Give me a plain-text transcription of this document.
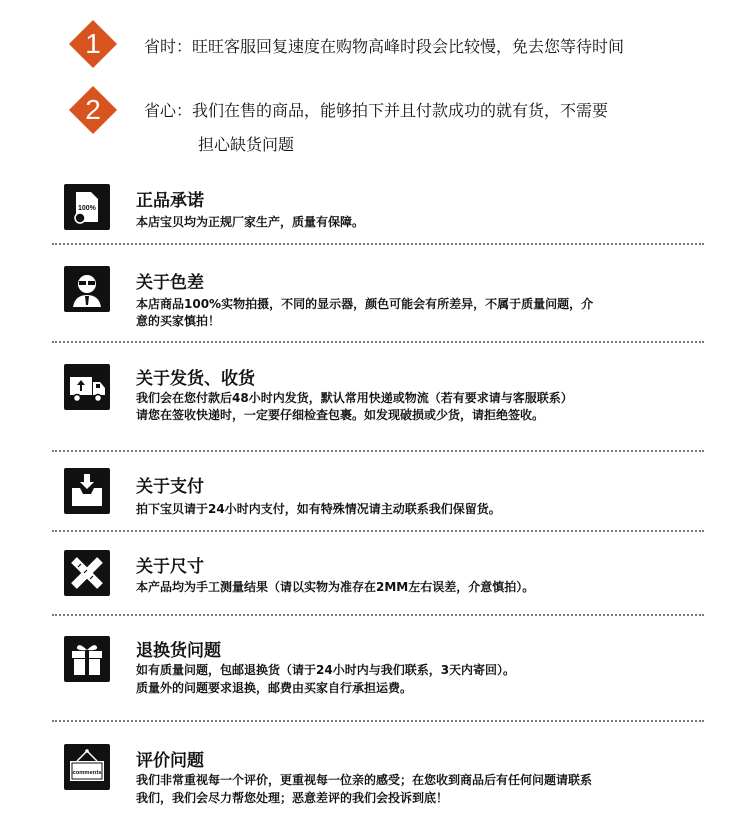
1	省时：旺旺客服回复速度在购物高峰时段会比较慢，免去您等待时间
2	省心：我们在售的商品，能够拍下并且付款成功的就有货，不需要
担心缺货问题
100% 正品承诺
本店宝贝均为正规厂家生产，质量有保障。
关于色差
本店商品100%实物拍摄，不同的显示器，颜色可能会有所差异，不属于质量问题，介
意的买家慎拍！
关于发货、收货
我们会在您付款后48小时内发货，默认常用快递或物流（若有要求请与客服联系）
请您在签收快递时，一定要仔细检查包裹。如发现破损或少货，请拒绝签收。
关于支付
拍下宝贝请于24小时内支付，如有特殊情况请主动联系我们保留货。
关于尺寸
本产品均为手工测量结果（请以实物为准存在2MM左右误差，介意慎拍）。
退换货问题
如有质量问题，包邮退换货（请于24小时内与我们联系，3天内寄回）。
质量外的问题要求退换，邮费由买家自行承担运费。
comments
评价问题
我们非常重视每一个评价，更重视每一位亲的感受；在您收到商品后有任何问题请联系
我们，我们会尽力帮您处理；恶意差评的我们会投诉到底！
